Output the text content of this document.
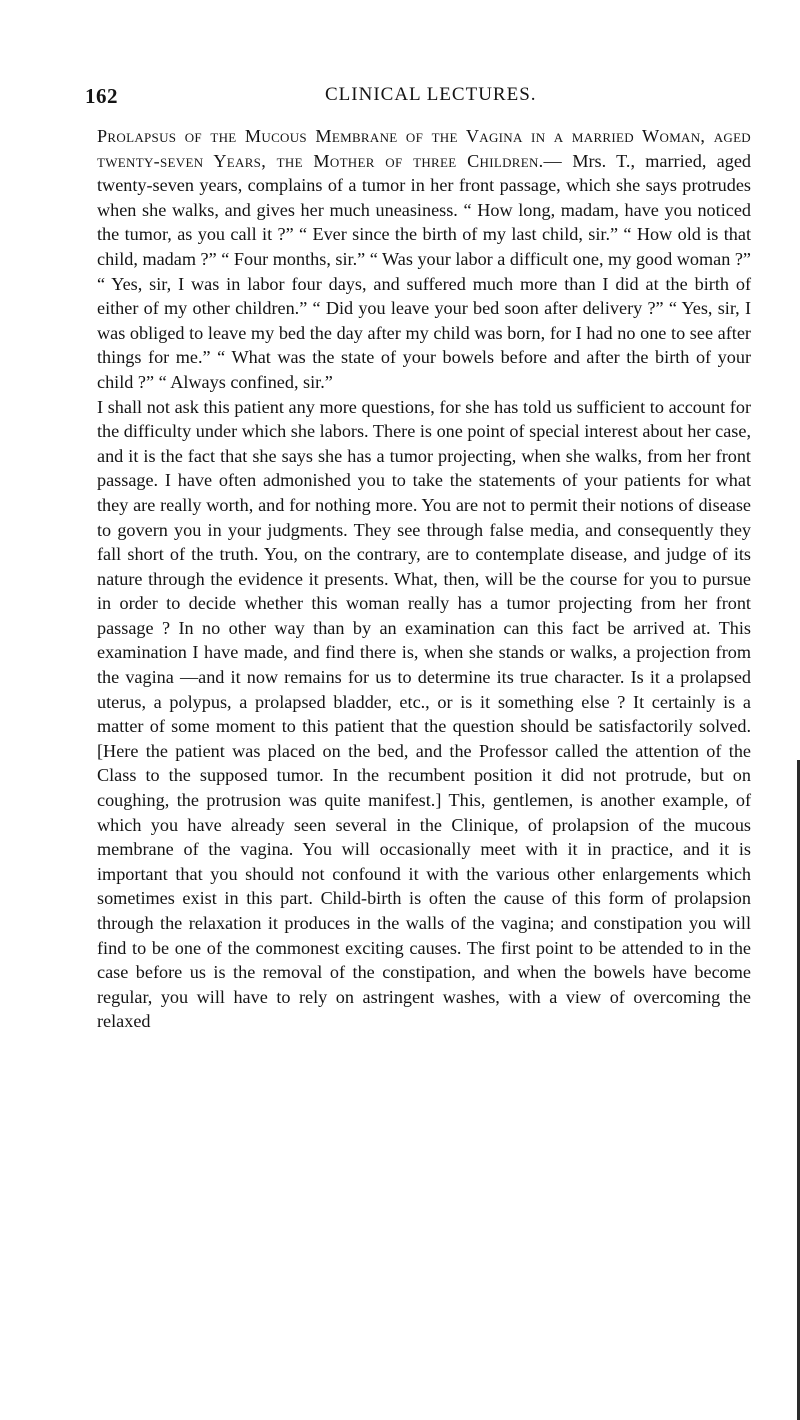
162	CLINICAL LECTURES.

Prolapsus of the Mucous Membrane of the Vagina in a married Woman, aged twenty-seven Years, the Mother of three Children.— Mrs. T., married, aged twenty-seven years, complains of a tumor in her front passage, which she says protrudes when she walks, and gives her much uneasiness. “ How long, madam, have you noticed the tumor, as you call it ?” “ Ever since the birth of my last child, sir.” “ How old is that child, madam ?” “ Four months, sir.” “ Was your labor a difficult one, my good woman ?” “ Yes, sir, I was in labor four days, and suffered much more than I did at the birth of either of my other children.” “ Did you leave your bed soon after delivery ?” “ Yes, sir, I was obliged to leave my bed the day after my child was born, for I had no one to see after things for me.” “ What was the state of your bowels before and after the birth of your child ?” “ Always confined, sir.”

I shall not ask this patient any more questions, for she has told us sufficient to account for the difficulty under which she labors. There is one point of special interest about her case, and it is the fact that she says she has a tumor projecting, when she walks, from her front passage. I have often admonished you to take the statements of your patients for what they are really worth, and for nothing more. You are not to permit their notions of disease to govern you in your judgments. They see through false media, and consequently they fall short of the truth. You, on the contrary, are to contemplate disease, and judge of its nature through the evidence it presents. What, then, will be the course for you to pursue in order to decide whether this woman really has a tumor projecting from her front passage ? In no other way than by an examination can this fact be arrived at. This examination I have made, and find there is, when she stands or walks, a projection from the vagina —and it now remains for us to determine its true character. Is it a prolapsed uterus, a polypus, a prolapsed bladder, etc., or is it something else ? It certainly is a matter of some moment to this patient that the question should be satisfactorily solved. [Here the patient was placed on the bed, and the Professor called the attention of the Class to the supposed tumor. In the recumbent position it did not protrude, but on coughing, the protrusion was quite manifest.] This, gentlemen, is another example, of which you have already seen several in the Clinique, of prolapsion of the mucous membrane of the vagina. You will occasionally meet with it in practice, and it is important that you should not confound it with the various other enlargements which sometimes exist in this part. Child-birth is often the cause of this form of prolapsion through the relaxation it produces in the walls of the vagina; and constipation you will find to be one of the commonest exciting causes. The first point to be attended to in the case before us is the removal of the constipation, and when the bowels have become regular, you will have to rely on astringent washes, with a view of overcoming the relaxed
